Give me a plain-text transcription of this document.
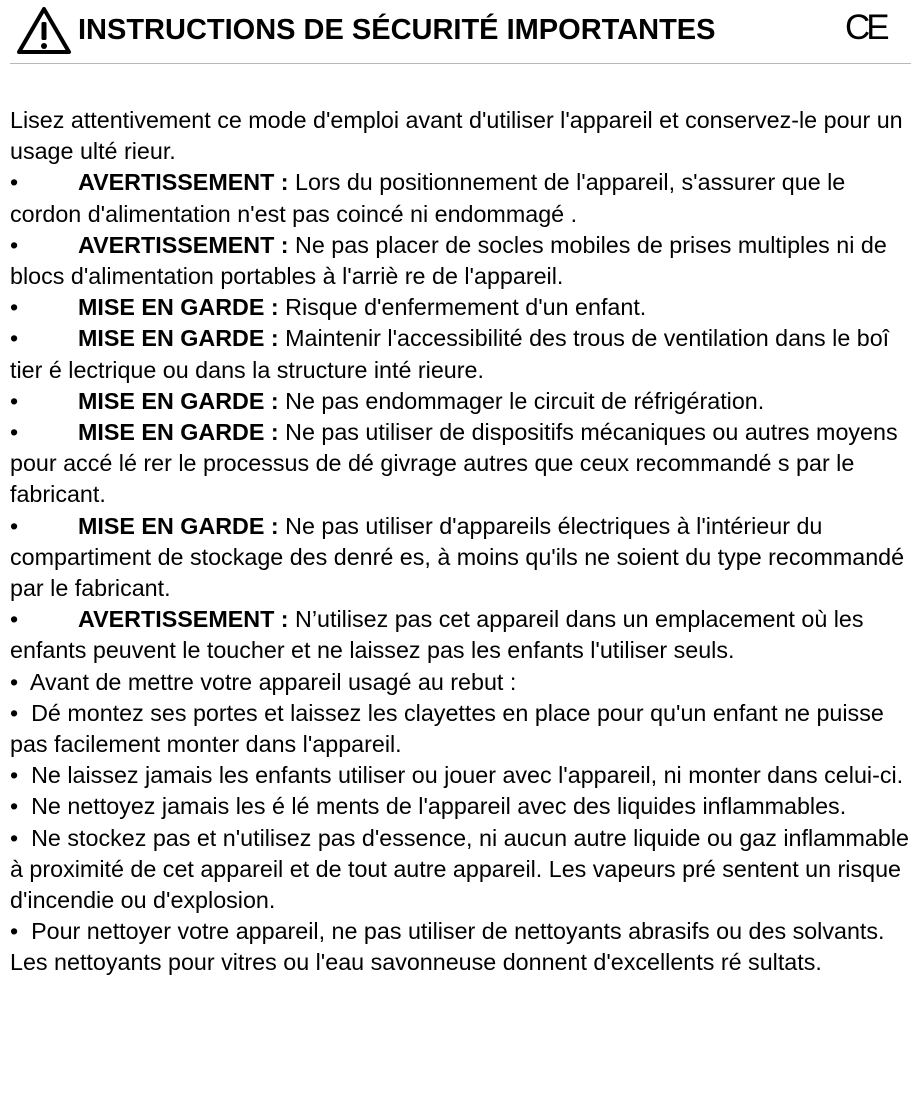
INSTRUCTIONS DE SÉCURITÉ IMPORTANTES	CE

Lisez attentivement ce mode d'emploi avant d'utiliser l'appareil et conservez-le pour un usage ulté rieur.

•	AVERTISSEMENT : Lors du positionnement de l'appareil, s'assurer que le cordon d'alimentation n'est pas coincé ni endommagé .

•	AVERTISSEMENT : Ne pas placer de socles mobiles de prises multiples ni de blocs d'alimentation portables à l'arriè re de l'appareil.

•	MISE EN GARDE : Risque d'enfermement d'un enfant.

•	MISE EN GARDE : Maintenir l'accessibilité des trous de ventilation dans le boî tier é lectrique ou dans la structure inté rieure.

•	MISE EN GARDE : Ne pas endommager le circuit de réfrigération.

•	MISE EN GARDE : Ne pas utiliser de dispositifs mécaniques ou autres moyens pour accé lé rer le processus de dé givrage autres que ceux recommandé s par le fabricant.

•	MISE EN GARDE : Ne pas utiliser d'appareils électriques à l'intérieur du compartiment de stockage des denré es, à moins qu'ils ne soient du type recommandé par le fabricant.

•	AVERTISSEMENT : N’utilisez pas cet appareil dans un emplacement où les enfants peuvent le toucher et ne laissez pas les enfants l'utiliser seuls.

• Avant de mettre votre appareil usagé au rebut :

• Dé montez ses portes et laissez les clayettes en place pour qu'un enfant ne puisse pas facilement monter dans l'appareil.

• Ne laissez jamais les enfants utiliser ou jouer avec l'appareil, ni monter dans celui-ci.

• Ne nettoyez jamais les é lé ments de l'appareil avec des liquides inflammables.

• Ne stockez pas et n'utilisez pas d'essence, ni aucun autre liquide ou gaz inflammable à proximité de cet appareil et de tout autre appareil. Les vapeurs pré sentent un risque d'incendie ou d'explosion.

• Pour nettoyer votre appareil, ne pas utiliser de nettoyants abrasifs ou des solvants. Les nettoyants pour vitres ou l'eau savonneuse donnent d'excellents ré sultats.
